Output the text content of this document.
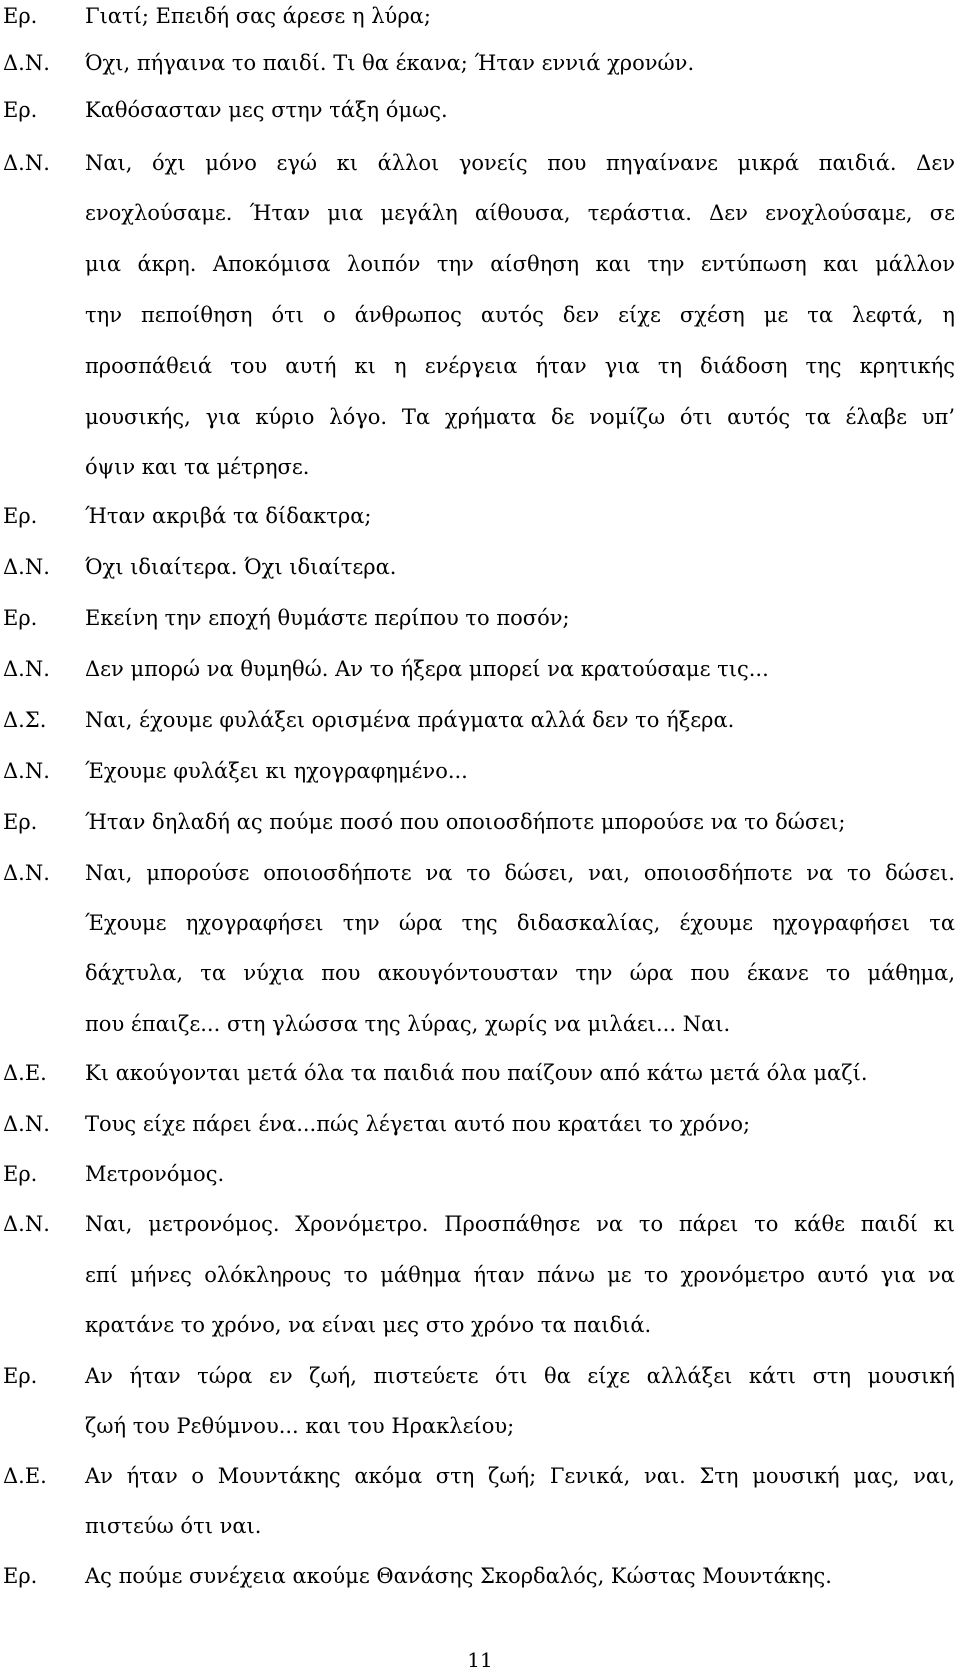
Ερ. Γιατί; Επειδή σας άρεσε η λύρα;
Δ.Ν. Όχι, πήγαινα το παιδί. Τι θα έκανα; Ήταν εννιά χρονών.
Ερ. Καθόσασταν μες στην τάξη όμως.
Δ.Ν. Ναι, όχι μόνο εγώ κι άλλοι γονείς που πηγαίνανε μικρά παιδιά. Δεν
ενοχλούσαμε. Ήταν μια μεγάλη αίθουσα, τεράστια. Δεν ενοχλούσαμε, σε
μια άκρη. Αποκόμισα λοιπόν την αίσθηση και την εντύπωση και μάλλον
την πεποίθηση ότι ο άνθρωπος αυτός δεν είχε σχέση με τα λεφτά, η
προσπάθειά του αυτή κι η ενέργεια ήταν για τη διάδοση της κρητικής
μουσικής, για κύριο λόγο. Τα χρήματα δε νομίζω ότι αυτός τα έλαβε υπ’
όψιν και τα μέτρησε.
Ερ. Ήταν ακριβά τα δίδακτρα;
Δ.Ν. Όχι ιδιαίτερα. Όχι ιδιαίτερα.
Ερ. Εκείνη την εποχή θυμάστε περίπου το ποσόν;
Δ.Ν. Δεν μπορώ να θυμηθώ. Αν το ήξερα μπορεί να κρατούσαμε τις...
Δ.Σ. Ναι, έχουμε φυλάξει ορισμένα πράγματα αλλά δεν το ήξερα.
Δ.Ν. Έχουμε φυλάξει κι ηχογραφημένο...
Ερ. Ήταν δηλαδή ας πούμε ποσό που οποιοσδήποτε μπορούσε να το δώσει;
Δ.Ν. Ναι, μπορούσε οποιοσδήποτε να το δώσει, ναι, οποιοσδήποτε να το δώσει.
Έχουμε ηχογραφήσει την ώρα της διδασκαλίας, έχουμε ηχογραφήσει τα
δάχτυλα, τα νύχια που ακουγόντουσταν την ώρα που έκανε το μάθημα,
που έπαιζε... στη γλώσσα της λύρας, χωρίς να μιλάει... Ναι.
Δ.Ε. Κι ακούγονται μετά όλα τα παιδιά που παίζουν από κάτω μετά όλα μαζί.
Δ.Ν. Τους είχε πάρει ένα...πώς λέγεται αυτό που κρατάει το χρόνο;
Ερ. Μετρονόμος.
Δ.Ν. Ναι, μετρονόμος. Χρονόμετρο. Προσπάθησε να το πάρει το κάθε παιδί κι
επί μήνες ολόκληρους το μάθημα ήταν πάνω με το χρονόμετρο αυτό για να
κρατάνε το χρόνο, να είναι μες στο χρόνο τα παιδιά.
Ερ. Αν ήταν τώρα εν ζωή, πιστεύετε ότι θα είχε αλλάξει κάτι στη μουσική
ζωή του Ρεθύμνου... και του Ηρακλείου;
Δ.Ε. Αν ήταν ο Μουντάκης ακόμα στη ζωή; Γενικά, ναι. Στη μουσική μας, ναι,
πιστεύω ότι ναι.
Ερ. Ας πούμε συνέχεια ακούμε Θανάσης Σκορδαλός, Κώστας Μουντάκης.
11
